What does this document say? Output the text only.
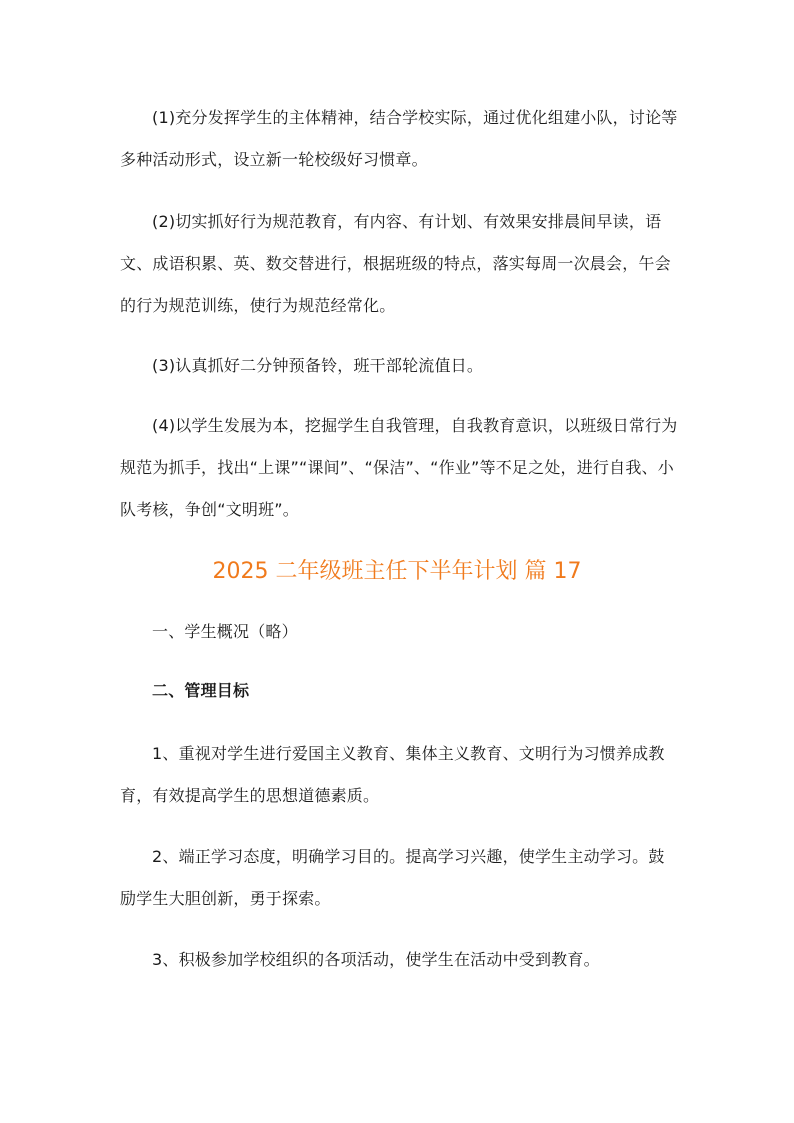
(1)充分发挥学生的主体精神，结合学校实际，通过优化组建小队，讨论等多种活动形式，设立新一轮校级好习惯章。

(2)切实抓好行为规范教育，有内容、有计划、有效果安排晨间早读，语文、成语积累、英、数交替进行，根据班级的特点，落实每周一次晨会，午会的行为规范训练，使行为规范经常化。

(3)认真抓好二分钟预备铃，班干部轮流值日。

(4)以学生发展为本，挖掘学生自我管理，自我教育意识，以班级日常行为规范为抓手，找出“上课”“课间”、“保洁”、“作业”等不足之处，进行自我、小队考核，争创“文明班”。

2025 二年级班主任下半年计划 篇 17

一、学生概况（略）

二、管理目标

1、重视对学生进行爱国主义教育、集体主义教育、文明行为习惯养成教育，有效提高学生的思想道德素质。

2、端正学习态度，明确学习目的。提高学习兴趣，使学生主动学习。鼓励学生大胆创新，勇于探索。

3、积极参加学校组织的各项活动，使学生在活动中受到教育。
